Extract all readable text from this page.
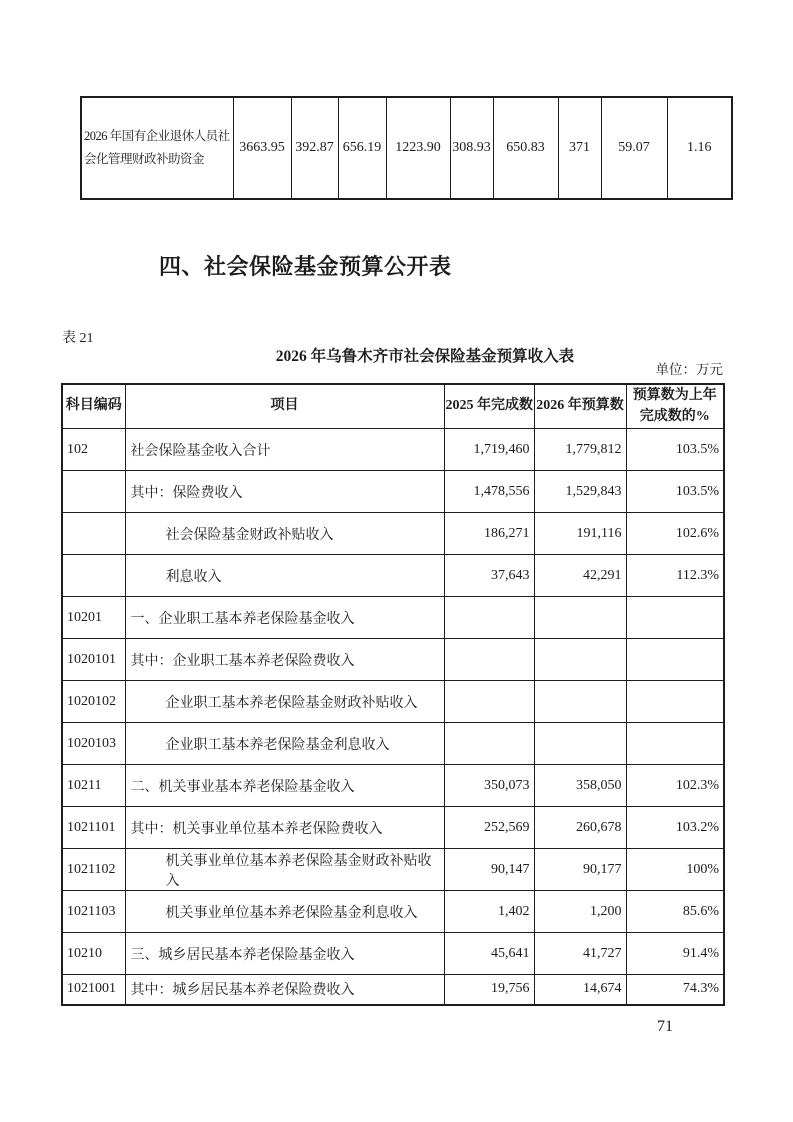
2026 年国有企业退休人员社会化管理财政补助资金	3663.95	392.87	656.19	1223.90	308.93	650.83	371	59.07	1.16
四、社会保险基金预算公开表
表 21
2026 年乌鲁木齐市社会保险基金预算收入表
单位：万元
科目编码	项目	2025 年完成数	2026 年预算数	预算数为上年完成数的%
102	社会保险基金收入合计	1,719,460	1,779,812	103.5%
	其中：保险费收入	1,478,556	1,529,843	103.5%
	社会保险基金财政补贴收入	186,271	191,116	102.6%
	利息收入	37,643	42,291	112.3%
10201	一、企业职工基本养老保险基金收入			
1020101	其中：企业职工基本养老保险费收入			
1020102	企业职工基本养老保险基金财政补贴收入			
1020103	企业职工基本养老保险基金利息收入			
10211	二、机关事业基本养老保险基金收入	350,073	358,050	102.3%
1021101	其中：机关事业单位基本养老保险费收入	252,569	260,678	103.2%
1021102	机关事业单位基本养老保险基金财政补贴收入	90,147	90,177	100%
1021103	机关事业单位基本养老保险基金利息收入	1,402	1,200	85.6%
10210	三、城乡居民基本养老保险基金收入	45,641	41,727	91.4%
1021001	其中：城乡居民基本养老保险费收入	19,756	14,674	74.3%
71
